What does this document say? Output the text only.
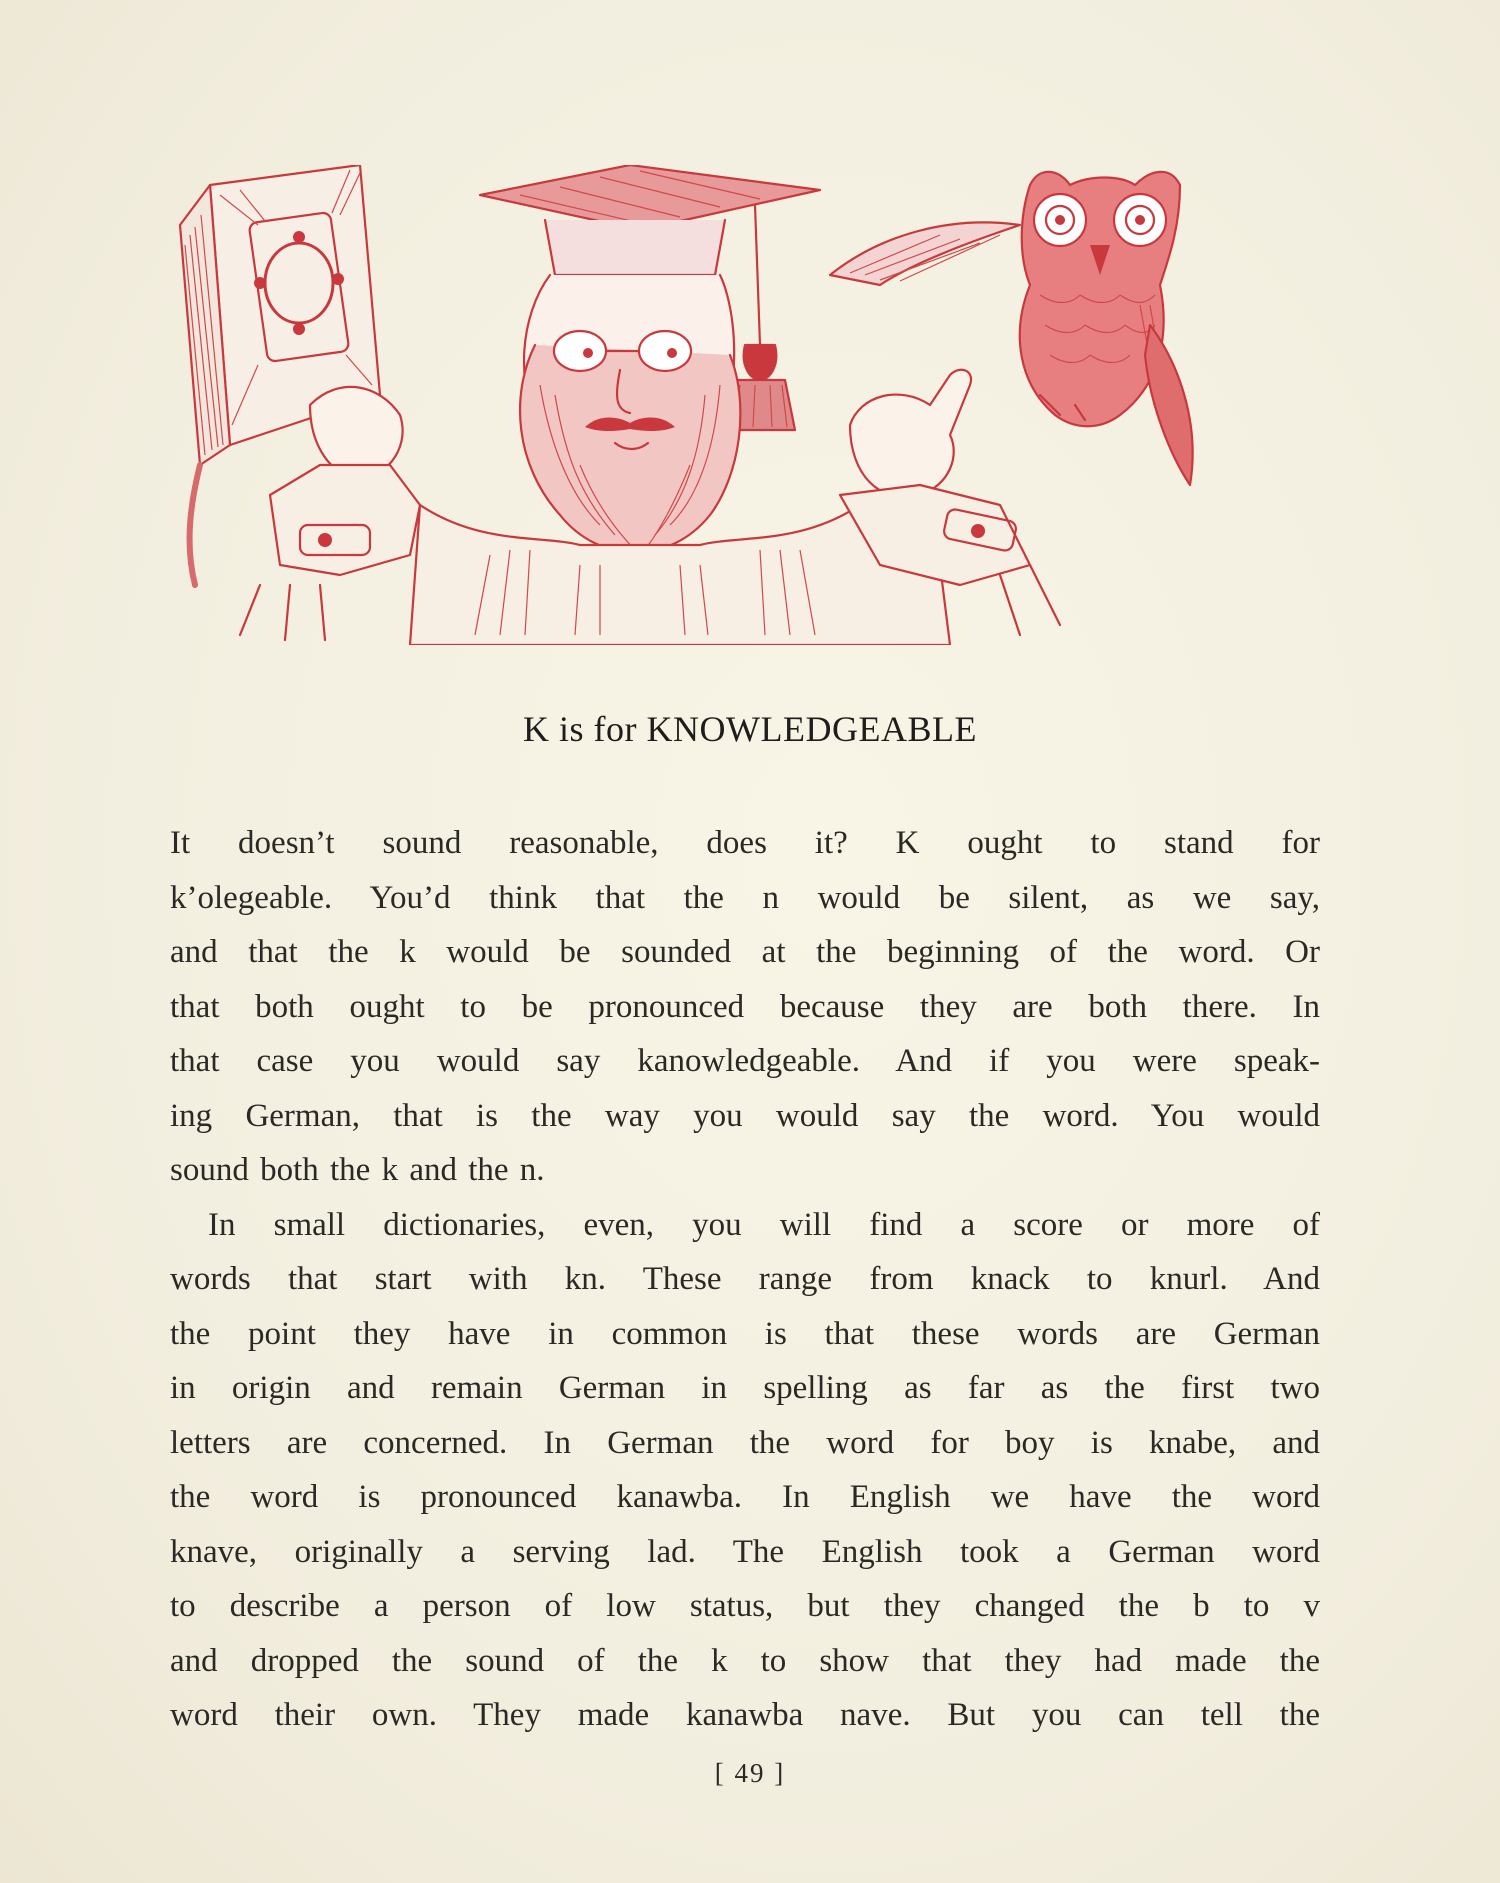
K is for KNOWLEDGEABLE

It doesn’t sound reasonable, does it? K ought to stand for
k’olegeable. You’d think that the n would be silent, as we say,
and that the k would be sounded at the beginning of the word. Or
that both ought to be pronounced because they are both there. In
that case you would say kanowledgeable. And if you were speak-
ing German, that is the way you would say the word. You would
sound both the k and the n.

In small dictionaries, even, you will find a score or more of
words that start with kn. These range from knack to knurl. And
the point they have in common is that these words are German
in origin and remain German in spelling as far as the first two
letters are concerned. In German the word for boy is knabe, and
the word is pronounced kanawba. In English we have the word
knave, originally a serving lad. The English took a German word
to describe a person of low status, but they changed the b to v
and dropped the sound of the k to show that they had made the
word their own. They made kanawba nave. But you can tell the

[ 49 ]
